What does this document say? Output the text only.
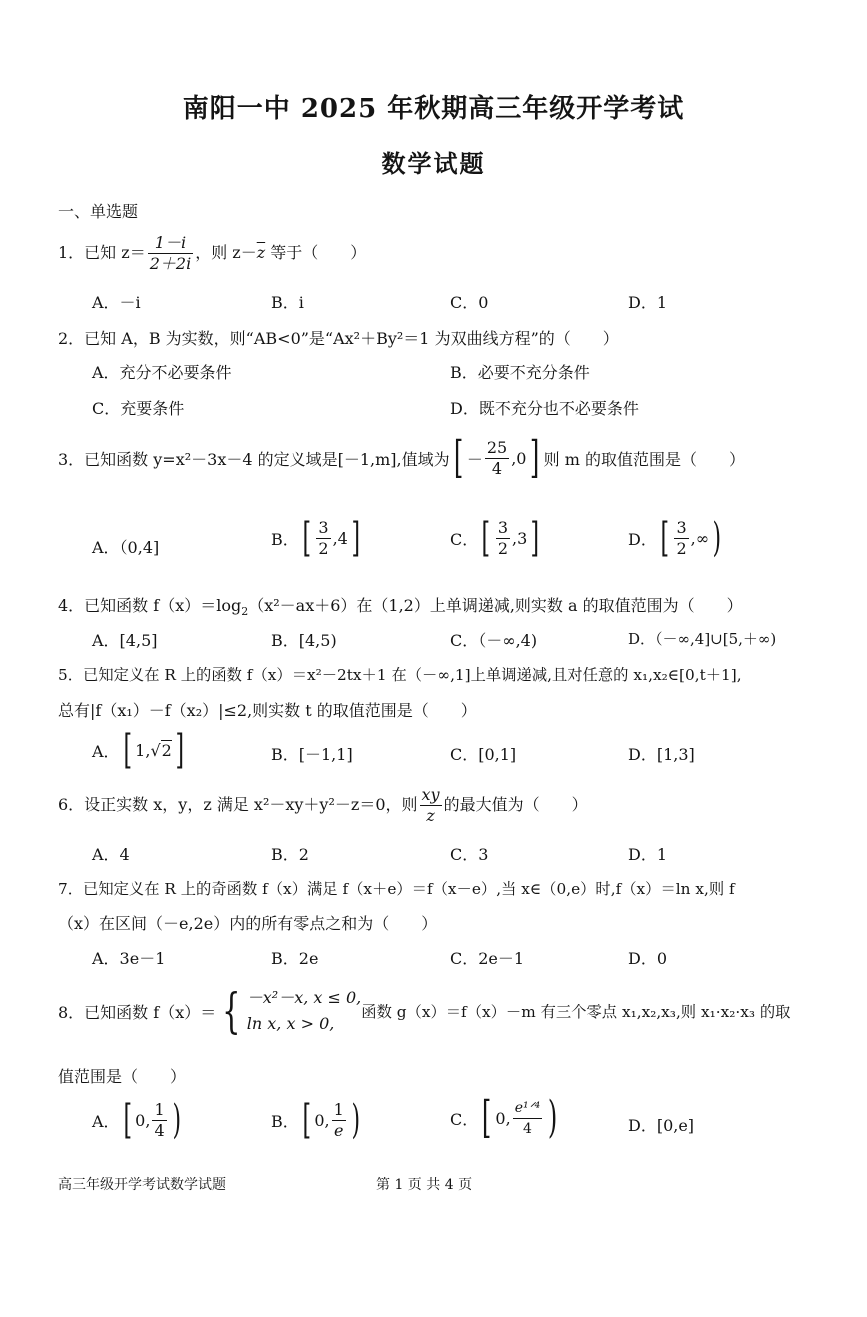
南阳一中 2025 年秋期高三年级开学考试
数学试题
一、单选题
1．已知 $z= \frac{1-i}{2+2i}$ ，则 $z-\overline{z}$ 等于（　　）
A．－i	B．i	C．0	D．1
2．已知 A，B 为实数，则“AB<0”是“Ax²＋By²＝1 为双曲线方程”的（　　）
A．充分不必要条件	B．必要不充分条件
C．充要条件	D．既不充分也不必要条件
3．已知函数 y=x²－3x－4 的定义域是[－1,m],值域为 [ － $\frac{25}{4} ,0$ ] 则 m 的取值范围是（　　）
A．（0,4]	B． [ $\frac{3}{2} ,4$ ]	C． [ $\frac{3}{2} ,3$ ]	D． [ $\frac{3}{2}$ ,∞ )
4．已知函数 $f(x)=\log_2(x^2-ax+6)$在（1,2）上单调递减,则实数 a 的取值范围为（　　）
A．[4,5]	B．[4,5)	C．（－∞,4)	D．（－∞,4]∪[5,＋∞)
5．已知定义在 R 上的函数 f（x）＝x²－2tx＋1 在（－∞,1]上单调递减,且对任意的 x₁,x₂∈[0,t＋1],
总有|f（x₁）－f（x₂）|≤2,则实数 t 的取值范围是（　　）
A． [ 1, √ 2 ]	B．[－1,1]	C．[0,1]	D．[1,3]
6．设正实数 x，y，z 满足 x²－xy＋y²－z＝0，则 $\frac{xy}{z}$ 的最大值为（　　）
A．4	B．2	C．3	D．1
7．已知定义在 R 上的奇函数 f（x）满足 f（x＋e）＝f（x－e）,当 x∈（0,e）时,f（x）＝ln x,则 f
（x）在区间（－e,2e）内的所有零点之和为（　　）
A．3e－1	B．2e	C．2e－1	D．0
8．已知函数 f（x）＝ { －x²－x, x ≤ 0,
ln x, x > 0,
函数 g（x）＝f（x）－m 有三个零点 x₁,x₂,x₃,则 x₁·x₂·x₃ 的取
值范围是（　　）
A． [ 0, $\frac{1}{4}$ )	B． [ 0, $\frac{1}{e}$ )	C． [ 0, $\frac{\text{e¹ᐟ⁴}}{4}$ )	D．[0,e]
高三年级开学考试数学试题	第 1 页 共 4 页
